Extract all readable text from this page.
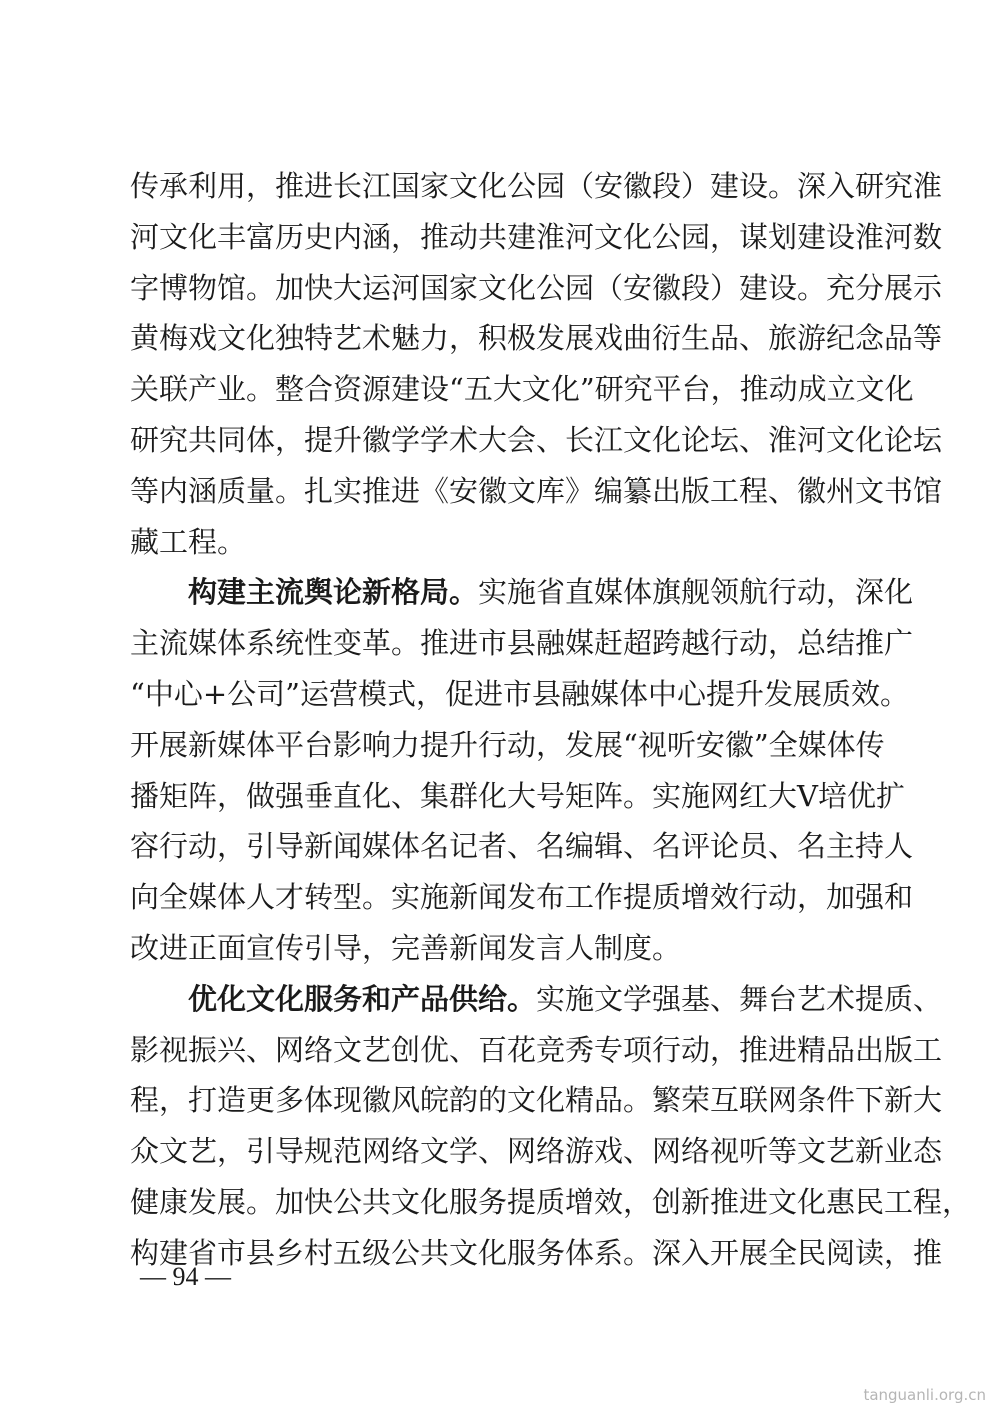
传承利用，推进长江国家文化公园（安徽段）建设。深入研究淮
河文化丰富历史内涵，推动共建淮河文化公园，谋划建设淮河数
字博物馆。加快大运河国家文化公园（安徽段）建设。充分展示
黄梅戏文化独特艺术魅力，积极发展戏曲衍生品、旅游纪念品等
关联产业。整合资源建设“五大文化”研究平台，推动成立文化
研究共同体，提升徽学学术大会、长江文化论坛、淮河文化论坛
等内涵质量。扎实推进《安徽文库》编纂出版工程、徽州文书馆
藏工程。
构建主流舆论新格局。实施省直媒体旗舰领航行动，深化
主流媒体系统性变革。推进市县融媒赶超跨越行动，总结推广
“中心+公司”运营模式，促进市县融媒体中心提升发展质效。
开展新媒体平台影响力提升行动，发展“视听安徽”全媒体传
播矩阵，做强垂直化、集群化大号矩阵。实施网红大V培优扩
容行动，引导新闻媒体名记者、名编辑、名评论员、名主持人
向全媒体人才转型。实施新闻发布工作提质增效行动，加强和
改进正面宣传引导，完善新闻发言人制度。
优化文化服务和产品供给。实施文学强基、舞台艺术提质、
影视振兴、网络文艺创优、百花竞秀专项行动，推进精品出版工
程，打造更多体现徽风皖韵的文化精品。繁荣互联网条件下新大
众文艺，引导规范网络文学、网络游戏、网络视听等文艺新业态
健康发展。加快公共文化服务提质增效，创新推进文化惠民工程，
— 94 —
tanguanli.org.cn
构建省市县乡村五级公共文化服务体系。深入开展全民阅读，推
